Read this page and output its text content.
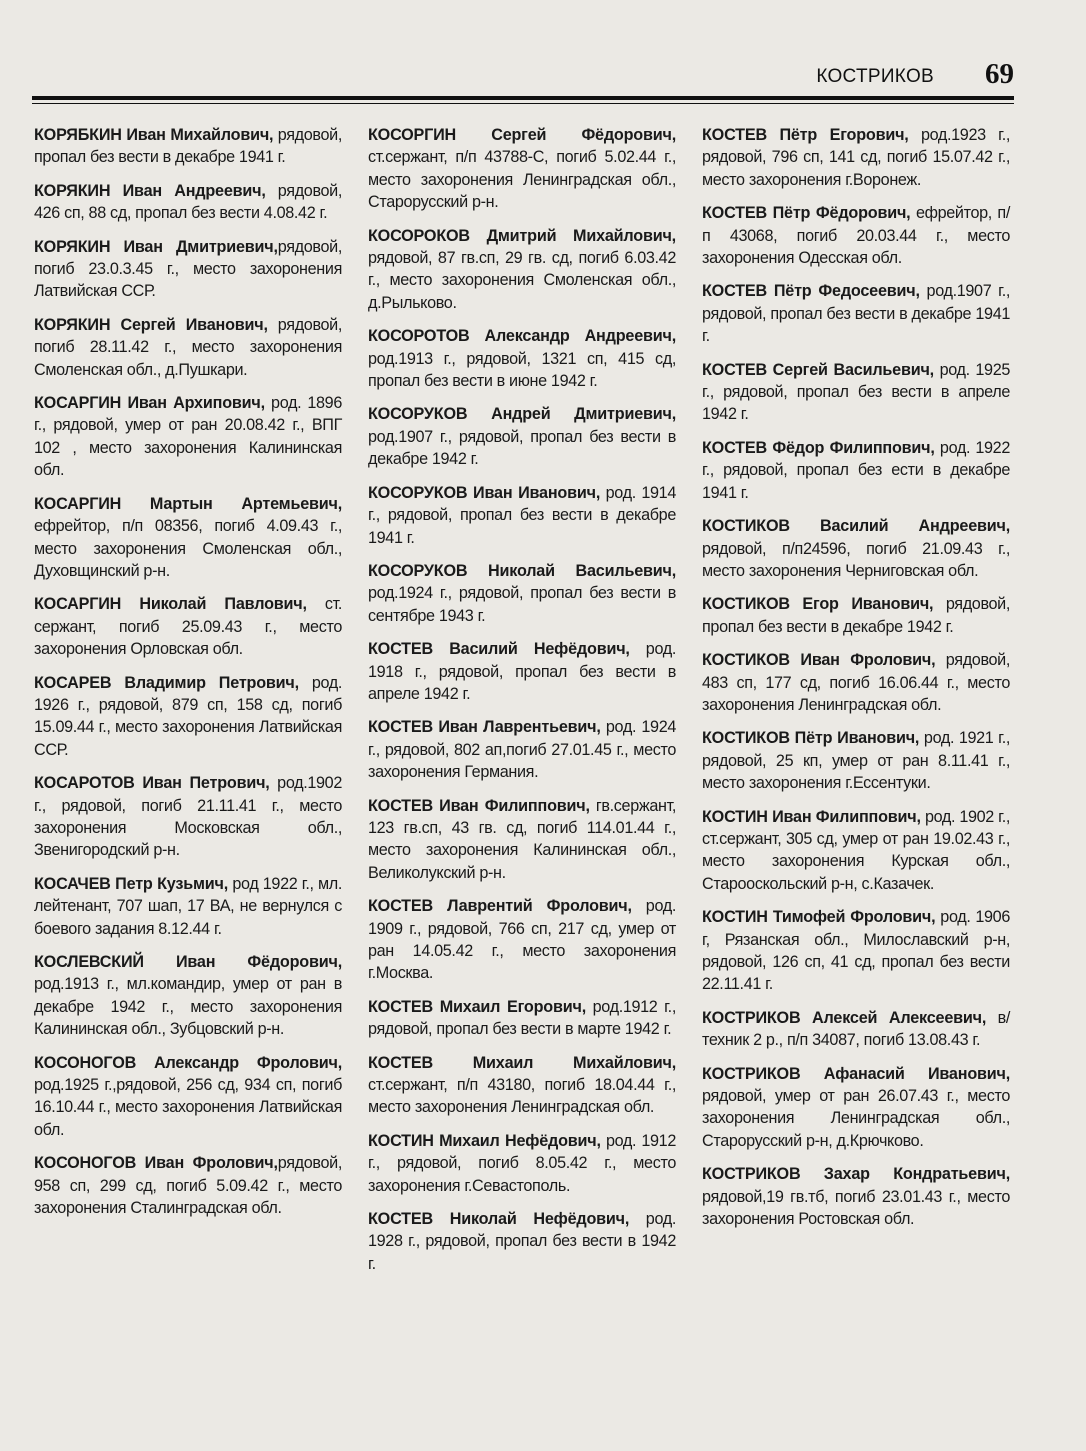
КОСТРИКОВ 69

КОРЯБКИН Иван Михайлович, рядовой, пропал без вести в декабре 1941 г.

КОРЯКИН Иван Андреевич, рядовой, 426 сп, 88 сд, пропал без вести 4.08.42 г.

КОРЯКИН Иван Дмитриевич,рядовой, погиб 23.0.3.45 г., место захоронения Латвийская ССР.

КОРЯКИН Сергей Иванович, рядовой, погиб 28.11.42 г., место захоронения Смоленская обл., д.Пушкари.

КОСАРГИН Иван Архипович, род. 1896 г., рядовой, умер от ран 20.08.42 г., ВПГ 102 , место захоронения Калининская обл.

КОСАРГИН Мартын Артемьевич, ефрейтор, п/п 08356, погиб 4.09.43 г., место захоронения Смоленская обл., Духовщинский р-н.

КОСАРГИН Николай Павлович, ст. сержант, погиб 25.09.43 г., место захоронения Орловская обл.

КОСАРЕВ Владимир Петрович, род. 1926 г., рядовой, 879 сп, 158 сд, погиб 15.09.44 г., место захоронения Латвийская ССР.

КОСАРОТОВ Иван Петрович, род.1902 г., рядовой, погиб 21.11.41 г., место захоронения Московская обл., Звенигородский р-н.

КОСАЧЕВ Петр Кузьмич, род 1922 г., мл. лейтенант, 707 шап, 17 ВА, не вернулся с боевого задания 8.12.44 г.

КОСЛЕВСКИЙ Иван Фёдорович, род.1913 г., мл.командир, умер от ран в декабре 1942 г., место захоронения Калининская обл., Зубцовский р-н.

КОСОНОГОВ Александр Фролович, род.1925 г.,рядовой, 256 сд, 934 сп, погиб 16.10.44 г., место захоронения Латвийская обл.

КОСОНОГОВ Иван Фролович,рядовой, 958 сп, 299 сд, погиб 5.09.42 г., место захоронения Сталинградская обл.

КОСОРГИН Сергей Фёдорович, ст.сержант, п/п 43788-С, погиб 5.02.44 г., место захоронения Ленинградская обл., Старорусский р-н.

КОСОРОКОВ Дмитрий Михайлович, рядовой, 87 гв.сп, 29 гв. сд, погиб 6.03.42 г., место захоронения Смоленская обл., д.Рыльково.

КОСОРОТОВ Александр Андреевич, род.1913 г., рядовой, 1321 сп, 415 сд, пропал без вести в июне 1942 г.

КОСОРУКОВ Андрей Дмитриевич, род.1907 г., рядовой, пропал без вести в декабре 1942 г.

КОСОРУКОВ Иван Иванович, род. 1914 г., рядовой, пропал без вести в декабре 1941 г.

КОСОРУКОВ Николай Васильевич, род.1924 г., рядовой, пропал без вести в сентябре 1943 г.

КОСТЕВ Василий Нефёдович, род. 1918 г., рядовой, пропал без вести в апреле 1942 г.

КОСТЕВ Иван Лаврентьевич, род. 1924 г., рядовой, 802 ап,погиб 27.01.45 г., место захоронения Германия.

КОСТЕВ Иван Филиппович, гв.сержант, 123 гв.сп, 43 гв. сд, погиб 114.01.44 г., место захоронения Калининская обл., Великолукский р-н.

КОСТЕВ Лаврентий Фролович, род. 1909 г., рядовой, 766 сп, 217 сд, умер от ран 14.05.42 г., место захоронения г.Москва.

КОСТЕВ Михаил Егорович, род.1912 г., рядовой, пропал без вести в марте 1942 г.

КОСТЕВ Михаил Михайлович, ст.сержант, п/п 43180, погиб 18.04.44 г., место захоронения Ленинградская обл.

КОСТИН Михаил Нефёдович, род. 1912 г., рядовой, погиб 8.05.42 г., место захоронения г.Севастополь.

КОСТЕВ Николай Нефёдович, род. 1928 г., рядовой, пропал без вести в 1942 г.

КОСТЕВ Пётр Егорович, род.1923 г., рядовой, 796 сп, 141 сд, погиб 15.07.42 г., место захоронения г.Воронеж.

КОСТЕВ Пётр Фёдорович, ефрейтор, п/п 43068, погиб 20.03.44 г., место захоронения Одесская обл.

КОСТЕВ Пётр Федосеевич, род.1907 г., рядовой, пропал без вести в декабре 1941 г.

КОСТЕВ Сергей Васильевич, род. 1925 г., рядовой, пропал без вести в апреле 1942 г.

КОСТЕВ Фёдор Филиппович, род. 1922 г., рядовой, пропал без ести в декабре 1941 г.

КОСТИКОВ Василий Андреевич, рядовой, п/п24596, погиб 21.09.43 г., место захоронения Черниговская обл.

КОСТИКОВ Егор Иванович, рядовой, пропал без вести в декабре 1942 г.

КОСТИКОВ Иван Фролович, рядовой, 483 сп, 177 сд, погиб 16.06.44 г., место захоронения Ленинградская обл.

КОСТИКОВ Пётр Иванович, род. 1921 г., рядовой, 25 кп, умер от ран 8.11.41 г., место захоронения г.Ессентуки.

КОСТИН Иван Филиппович, род. 1902 г., ст.сержант, 305 сд, умер от ран 19.02.43 г., место захоронения Курская обл., Старооскольский р-н, с.Казачек.

КОСТИН Тимофей Фролович, род. 1906 г, Рязанская обл., Милославский р-н, рядовой, 126 сп, 41 сд, пропал без вести 22.11.41 г.

КОСТРИКОВ Алексей Алексеевич, в/техник 2 р., п/п 34087, погиб 13.08.43 г.

КОСТРИКОВ Афанасий Иванович, рядовой, умер от ран 26.07.43 г., место захоронения Ленинградская обл., Старорусский р-н, д.Крючково.

КОСТРИКОВ Захар Кондратьевич, рядовой,19 гв.тб, погиб 23.01.43 г., место захоронения Ростовская обл.
